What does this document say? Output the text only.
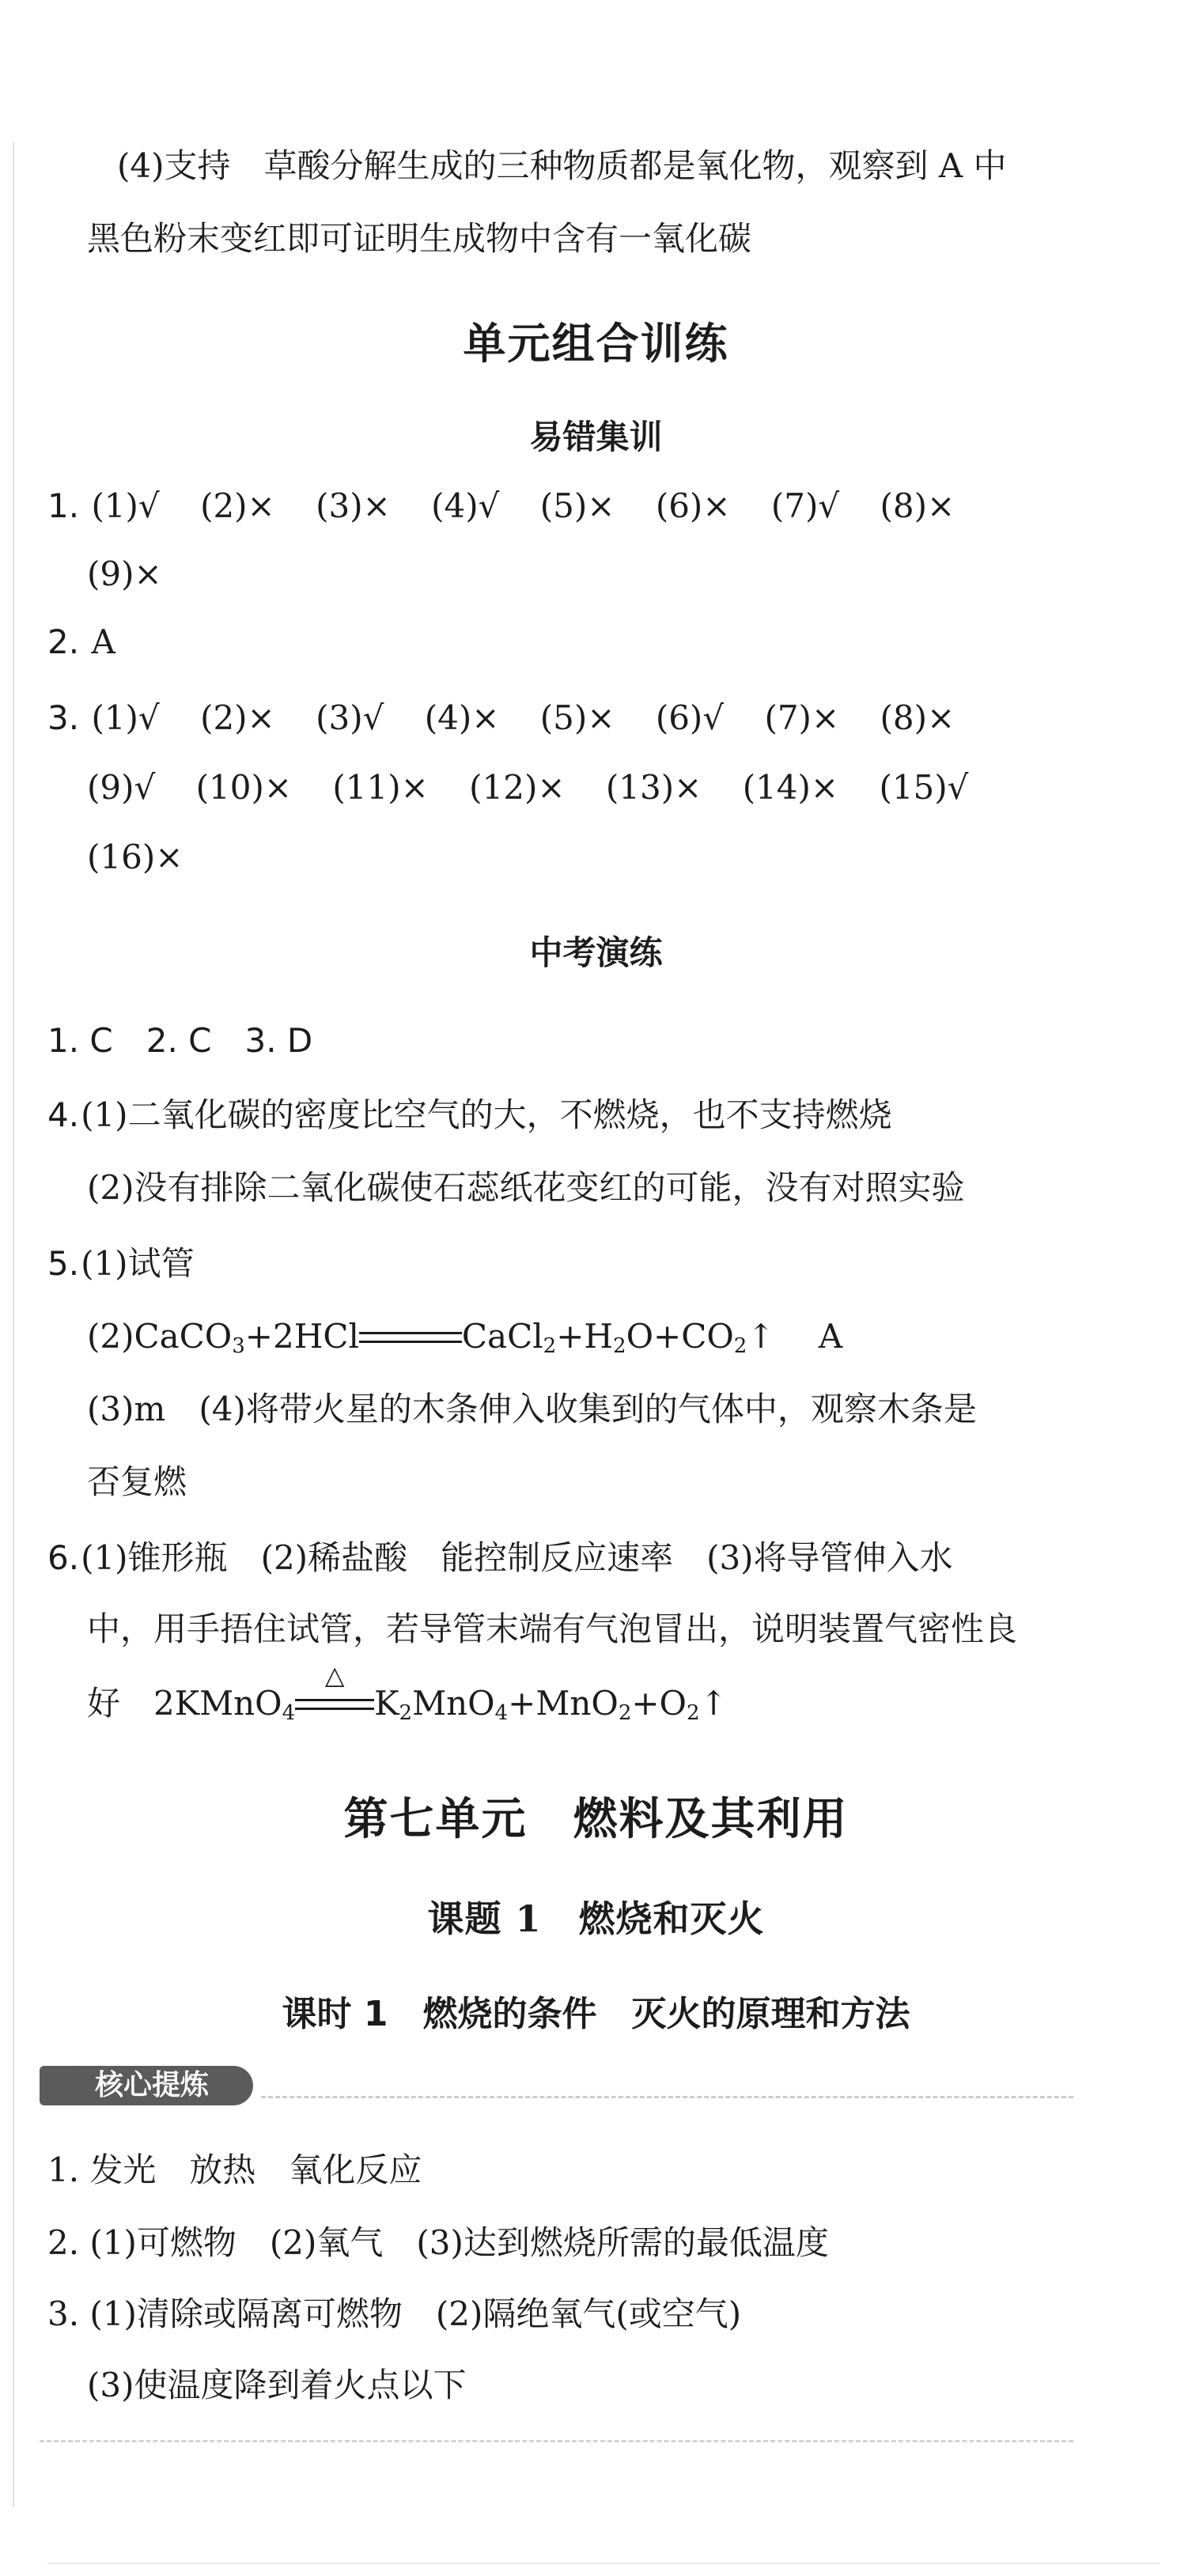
(4)支持　草酸分解生成的三种物质都是氧化物，观察到 A 中
黑色粉末变红即可证明生成物中含有一氧化碳
单元组合训练
易错集训
1. (1)√ (2)× (3)× (4)√ (5)× (6)× (7)√ (8)×
(9)×
2. A
3. (1)√ (2)× (3)√ (4)× (5)× (6)√ (7)× (8)×
(9)√ (10)× (11)× (12)× (13)× (14)× (15)√
(16)×
中考演练
1. C　2. C　3. D
4.(1)二氧化碳的密度比空气的大，不燃烧，也不支持燃烧
(2)没有排除二氧化碳使石蕊纸花变红的可能，没有对照实验
5.(1)试管
(2)CaCO$_3$+2HCl	$CaCl_2+H_2O+CO_2↑$　 A
(3)m　(4)将带火星的木条伸入收集到的气体中，观察木条是
否复燃
6.(1)锥形瓶　(2)稀盐酸　能控制反应速率　(3)将导管伸入水
中，用手捂住试管，若导管末端有气泡冒出，说明装置气密性良
好　2KMnO$_4$
△
$K_2MnO_4+MnO_2+O_2↑$
第七单元　燃料及其利用
课题 1　燃烧和灭火
课时 1　燃烧的条件　灭火的原理和方法
↩ 核心提炼
1. 发光　放热　氧化反应
2. (1)可燃物　(2)氧气　(3)达到燃烧所需的最低温度
3. (1)清除或隔离可燃物　(2)隔绝氧气(或空气)
(3)使温度降到着火点以下
